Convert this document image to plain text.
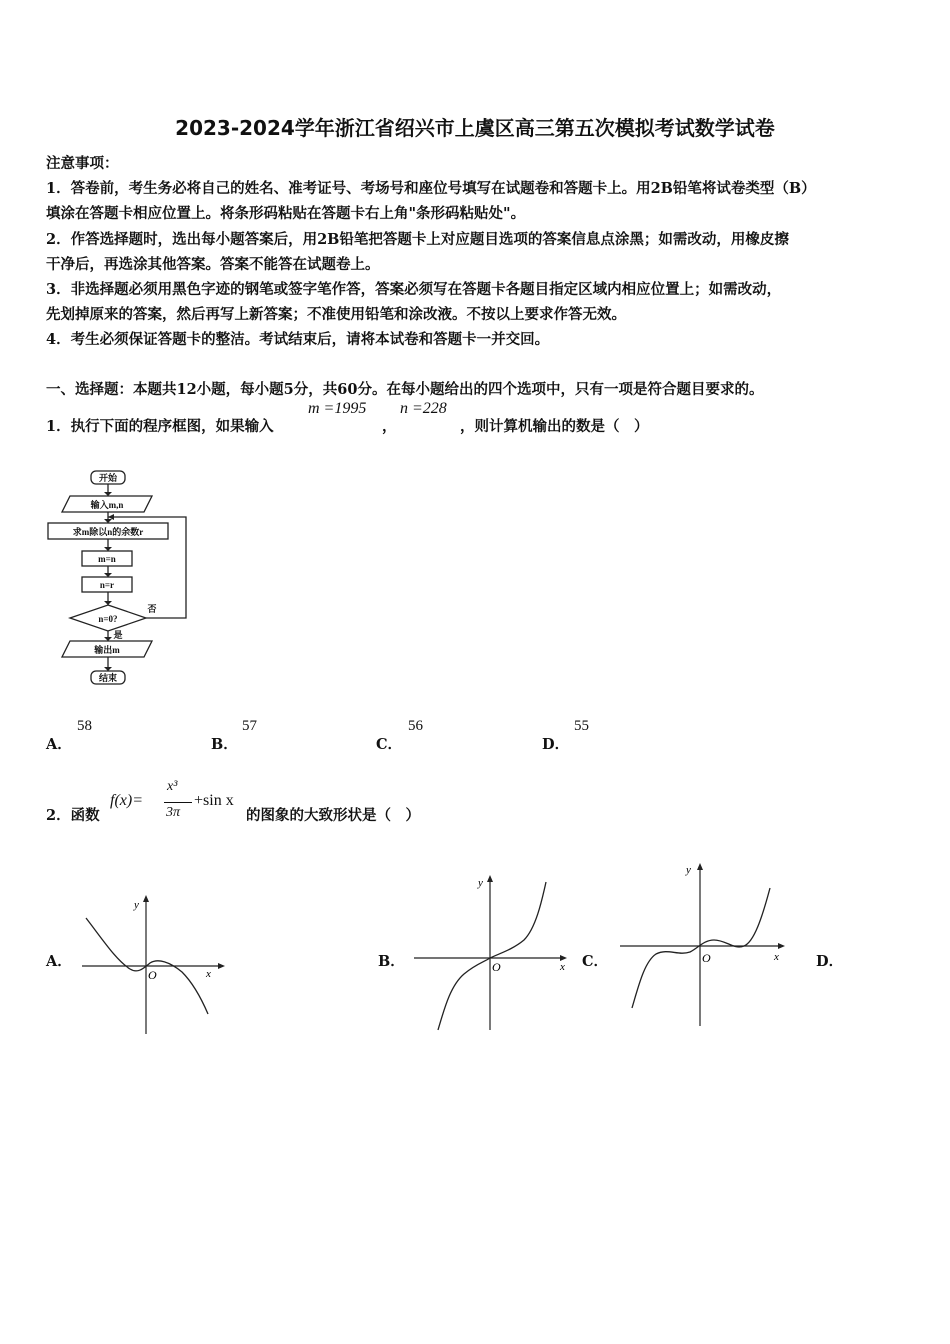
2023-2024学年浙江省绍兴市上虞区高三第五次模拟考试数学试卷
注意事项：
1．答卷前，考生务必将自己的姓名、准考证号、考场号和座位号填写在试题卷和答题卡上。用2B铅笔将试卷类型（B）
填涂在答题卡相应位置上。将条形码粘贴在答题卡右上角"条形码粘贴处"。
2．作答选择题时，选出每小题答案后，用2B铅笔把答题卡上对应题目选项的答案信息点涂黑；如需改动，用橡皮擦
干净后，再选涂其他答案。答案不能答在试题卷上。
3．非选择题必须用黑色字迹的钢笔或签字笔作答，答案必须写在答题卡各题目指定区域内相应位置上；如需改动，
先划掉原来的答案，然后再写上新答案；不准使用铅笔和涂改液。不按以上要求作答无效。
4．考生必须保证答题卡的整洁。考试结束后，请将本试卷和答题卡一并交回。
一、选择题：本题共12小题，每小题5分，共60分。在每小题给出的四个选项中，只有一项是符合题目要求的。
1．执行下面的程序框图，如果输入
m =1995
，
n =228
，则计算机输出的数是（　）
开始
输入m,n
求m除以n的余数r
m=n
n=r
n=0?
否
是
输出m
结束
A．
58
B．
57
C．
56
D．
55
2．函数
f(x)=
x³
3π
+sin x
的图象的大致形状是（　）
A．	B．	C．	D．
y
x
O
y
x
O
y
x
O
